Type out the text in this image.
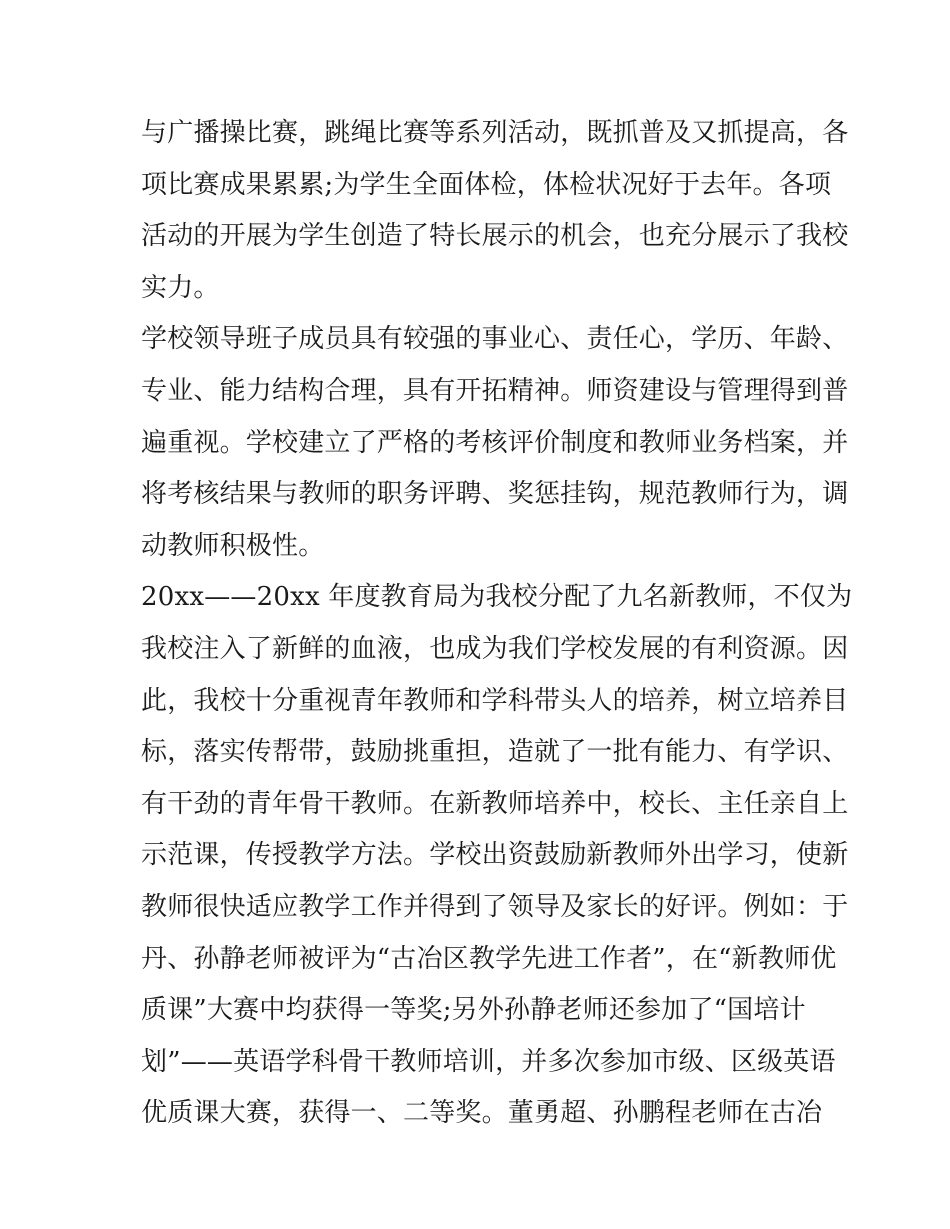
与广播操比赛，跳绳比赛等系列活动，既抓普及又抓提高，各
项比赛成果累累;为学生全面体检，体检状况好于去年。各项
活动的开展为学生创造了特长展示的机会，也充分展示了我校
实力。
学校领导班子成员具有较强的事业心、责任心，学历、年龄、
专业、能力结构合理，具有开拓精神。师资建设与管理得到普
遍重视。学校建立了严格的考核评价制度和教师业务档案，并
将考核结果与教师的职务评聘、奖惩挂钩，规范教师行为，调
动教师积极性。
20xx——20xx 年度教育局为我校分配了九名新教师，不仅为
我校注入了新鲜的血液，也成为我们学校发展的有利资源。因
此，我校十分重视青年教师和学科带头人的培养，树立培养目
标，落实传帮带，鼓励挑重担，造就了一批有能力、有学识、
有干劲的青年骨干教师。在新教师培养中，校长、主任亲自上
示范课，传授教学方法。学校出资鼓励新教师外出学习，使新
教师很快适应教学工作并得到了领导及家长的好评。例如：于
丹、孙静老师被评为“古冶区教学先进工作者”，在“新教师优
质课”大赛中均获得一等奖;另外孙静老师还参加了“国培计
划”——英语学科骨干教师培训，并多次参加市级、区级英语
优质课大赛，获得一、二等奖。董勇超、孙鹏程老师在古冶
